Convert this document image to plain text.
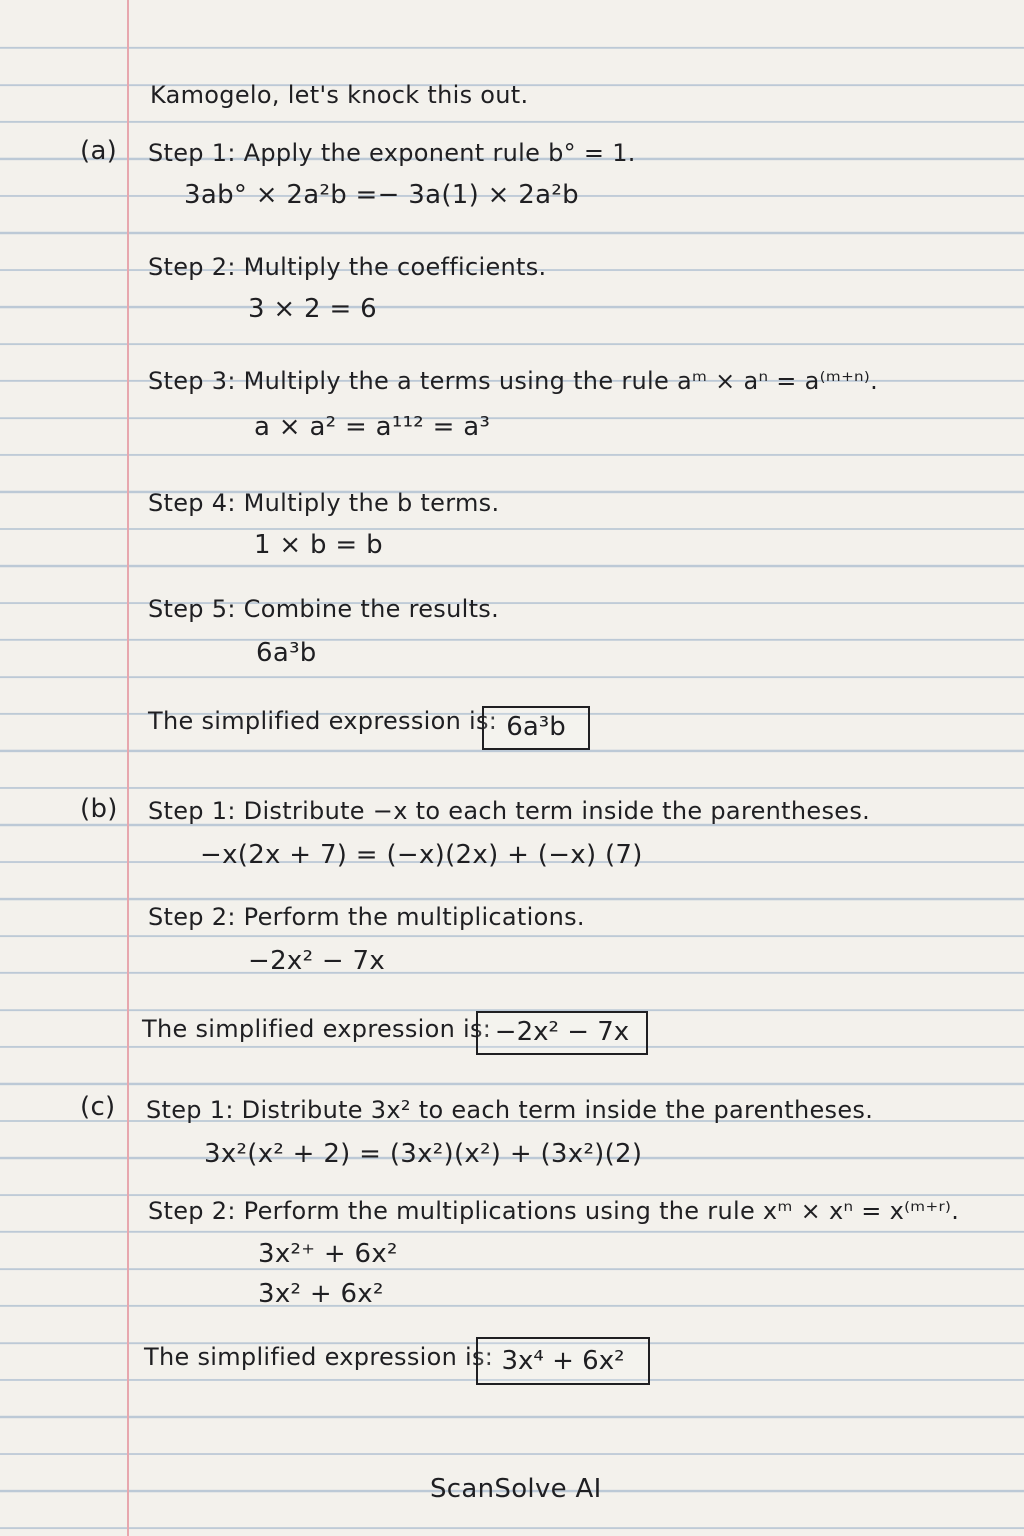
Kamogelo, let's knock this out.
(a) Step 1: Apply the exponent rule b° = 1.
3ab° × 2a²b =− 3a(1) × 2a²b
Step 2: Multiply the coefficients.
3 × 2 = 6
Step 3: Multiply the a terms using the rule aᵐ × aⁿ = a⁽ᵐ⁺ⁿ⁾.
a × a² = a¹¹² = a³
Step 4: Multiply the b terms.
1 × b = b
Step 5: Combine the results.
6a³b
The simplified expression is: 6a³b
(b) Step 1: Distribute −x to each term inside the parentheses.
−x(2x + 7) = (−x)(2x) + (−x) (7)
Step 2: Perform the multiplications.
−2x² − 7x
The simplified expression is: −2x² − 7x
(c) Step 1: Distribute 3x² to each term inside the parentheses.
3x²(x² + 2) = (3x²)(x²) + (3x²)(2)
Step 2: Perform the multiplications using the rule xᵐ × xⁿ = x⁽ᵐ⁺ʳ⁾.
3x²⁺ + 6x²
3x² + 6x²
The simplified expression is: 3x⁴ + 6x²
ScanSolve AI
